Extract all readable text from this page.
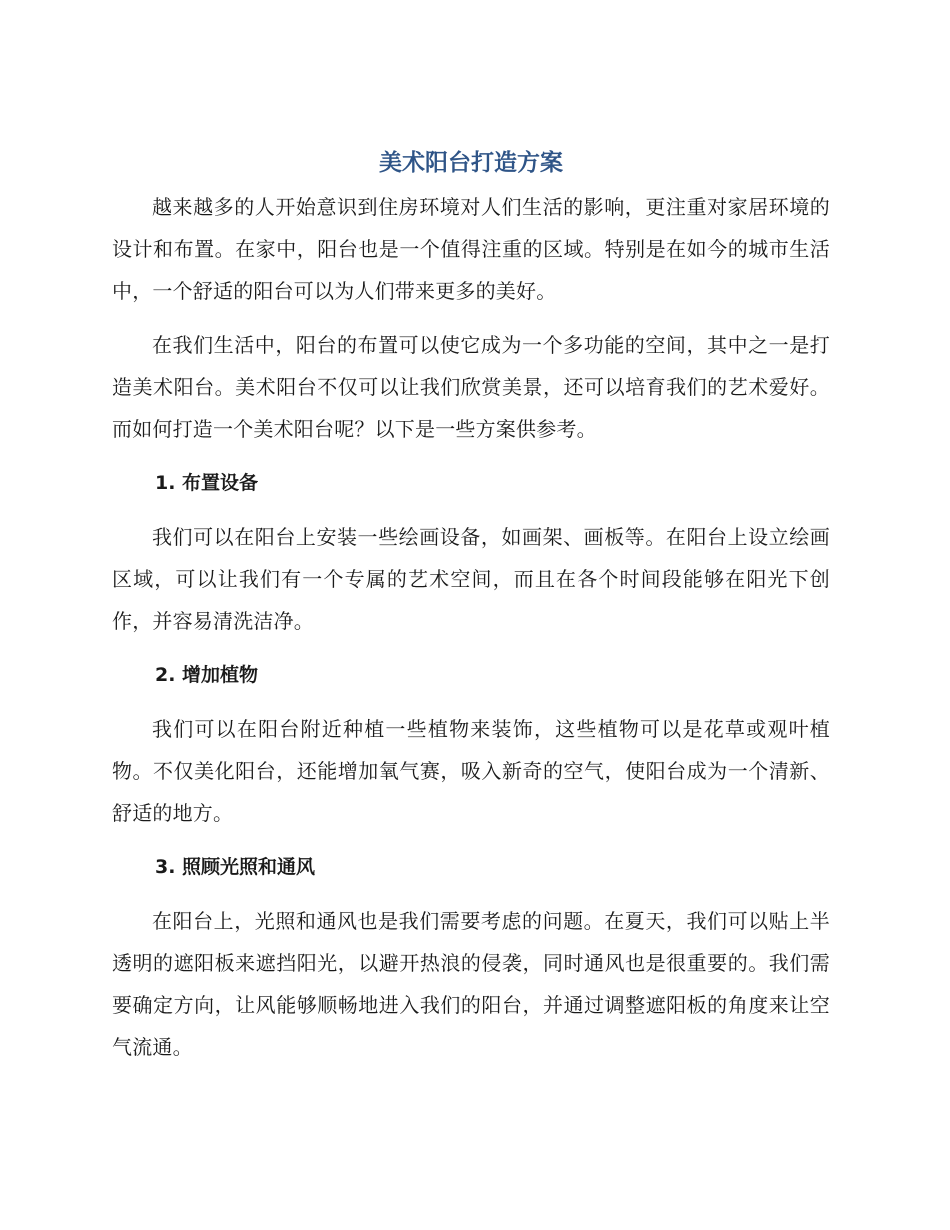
美术阳台打造方案

越来越多的人开始意识到住房环境对人们生活的影响，更注重对家居环境的设计和布置。在家中，阳台也是一个值得注重的区域。特别是在如今的城市生活中，一个舒适的阳台可以为人们带来更多的美好。

在我们生活中，阳台的布置可以使它成为一个多功能的空间，其中之一是打造美术阳台。美术阳台不仅可以让我们欣赏美景，还可以培育我们的艺术爱好。而如何打造一个美术阳台呢？以下是一些方案供参考。

1. 布置设备

我们可以在阳台上安装一些绘画设备，如画架、画板等。在阳台上设立绘画区域，可以让我们有一个专属的艺术空间，而且在各个时间段能够在阳光下创作，并容易清洗洁净。

2. 增加植物

我们可以在阳台附近种植一些植物来装饰，这些植物可以是花草或观叶植物。不仅美化阳台，还能增加氧气赛，吸入新奇的空气，使阳台成为一个清新、舒适的地方。

3. 照顾光照和通风

在阳台上，光照和通风也是我们需要考虑的问题。在夏天，我们可以贴上半透明的遮阳板来遮挡阳光，以避开热浪的侵袭，同时通风也是很重要的。我们需要确定方向，让风能够顺畅地进入我们的阳台，并通过调整遮阳板的角度来让空气流通。
